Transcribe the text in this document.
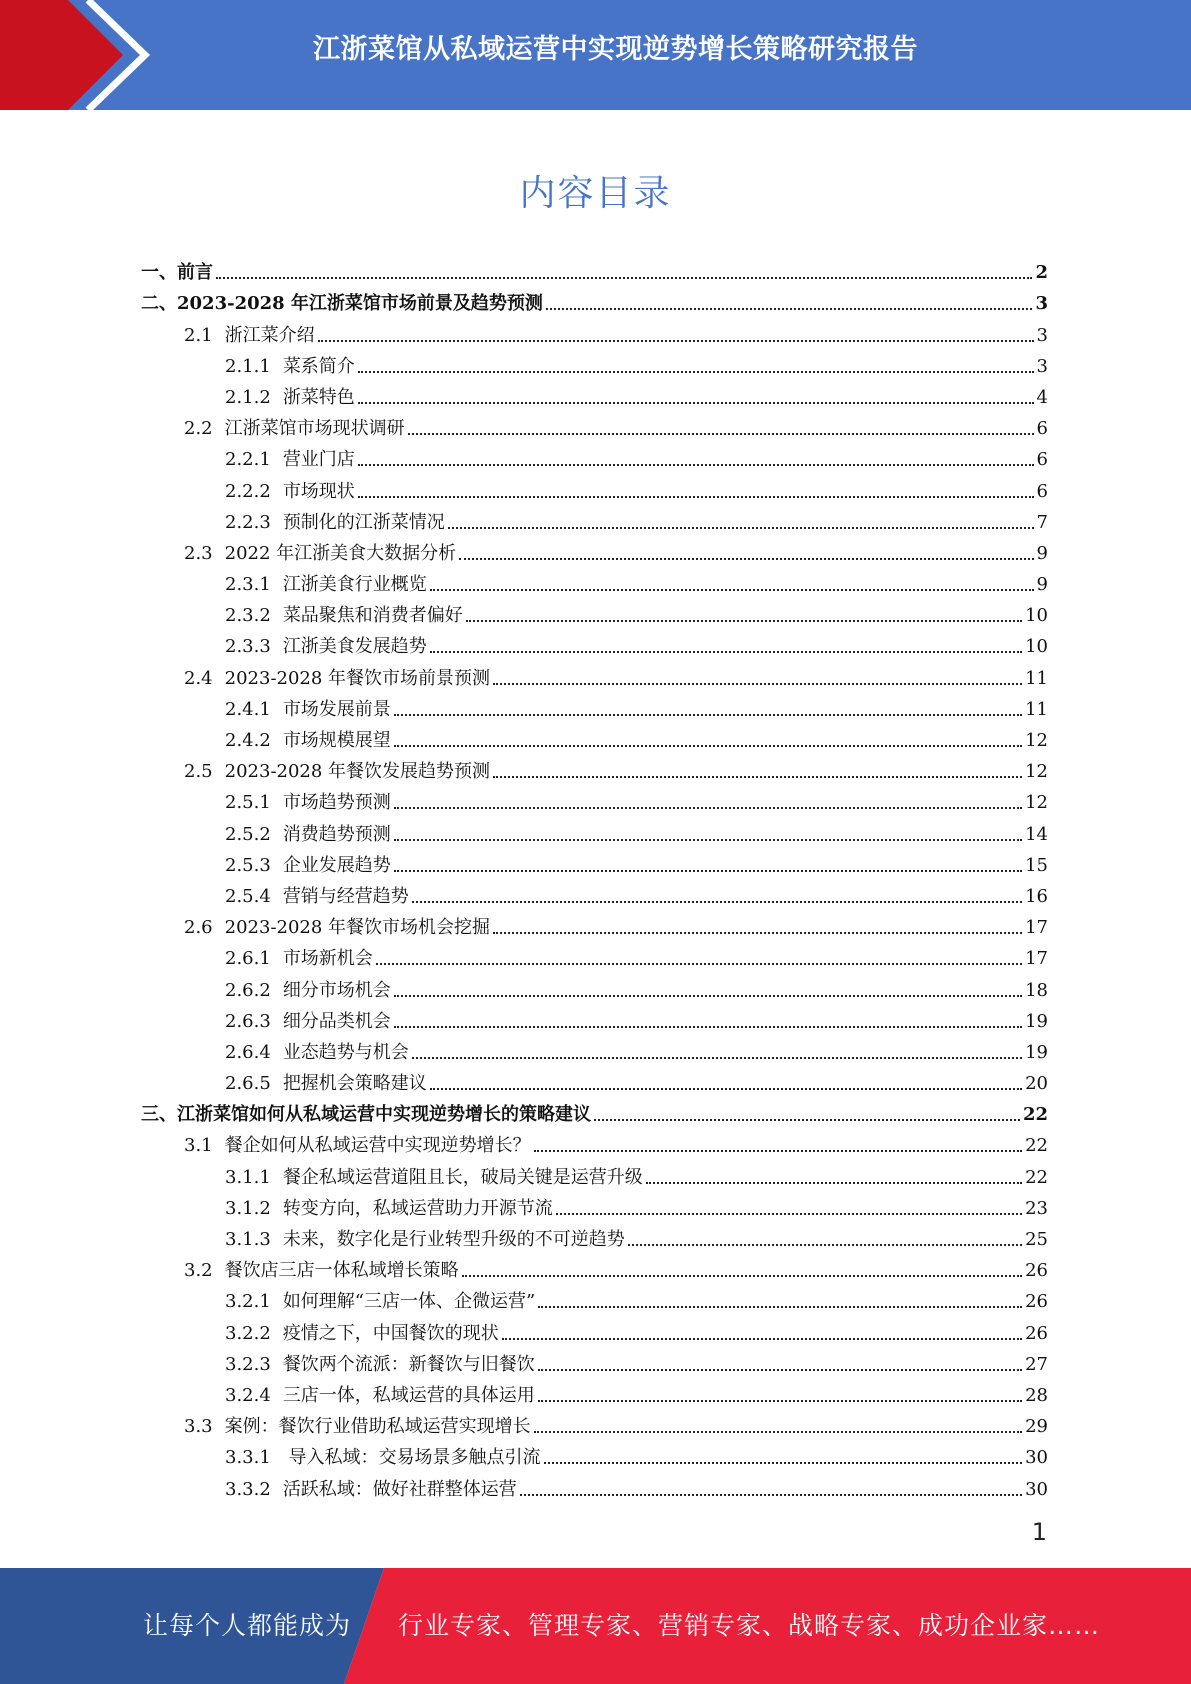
江浙菜馆从私域运营中实现逆势增长策略研究报告
内容目录
一、前言	2
二、2023-2028 年江浙菜馆市场前景及趋势预测	3
2.1 浙江菜介绍	3
2.1.1 菜系简介	3
2.1.2 浙菜特色	4
2.2 江浙菜馆市场现状调研	6
2.2.1 营业门店	6
2.2.2 市场现状	6
2.2.3 预制化的江浙菜情况	7
2.3 2022 年江浙美食大数据分析	9
2.3.1 江浙美食行业概览	9
2.3.2 菜品聚焦和消费者偏好	10
2.3.3 江浙美食发展趋势	10
2.4 2023-2028 年餐饮市场前景预测	11
2.4.1 市场发展前景	11
2.4.2 市场规模展望	12
2.5 2023-2028 年餐饮发展趋势预测	12
2.5.1 市场趋势预测	12
2.5.2 消费趋势预测	14
2.5.3 企业发展趋势	15
2.5.4 营销与经营趋势	16
2.6 2023-2028 年餐饮市场机会挖掘	17
2.6.1 市场新机会	17
2.6.2 细分市场机会	18
2.6.3 细分品类机会	19
2.6.4 业态趋势与机会	19
2.6.5 把握机会策略建议	20
三、江浙菜馆如何从私域运营中实现逆势增长的策略建议	22
3.1 餐企如何从私域运营中实现逆势增长？	22
3.1.1 餐企私域运营道阻且长，破局关键是运营升级	22
3.1.2 转变方向，私域运营助力开源节流	23
3.1.3 未来，数字化是行业转型升级的不可逆趋势	25
3.2 餐饮店三店一体私域增长策略	26
3.2.1 如何理解“三店一体、企微运营”	26
3.2.2 疫情之下，中国餐饮的现状	26
3.2.3 餐饮两个流派：新餐饮与旧餐饮	27
3.2.4 三店一体，私域运营的具体运用	28
3.3 案例：餐饮行业借助私域运营实现增长	29
3.3.1 导入私域：交易场景多触点引流	30
3.3.2 活跃私域：做好社群整体运营	30
1
让每个人都能成为 行业专家、管理专家、营销专家、战略专家、成功企业家……
